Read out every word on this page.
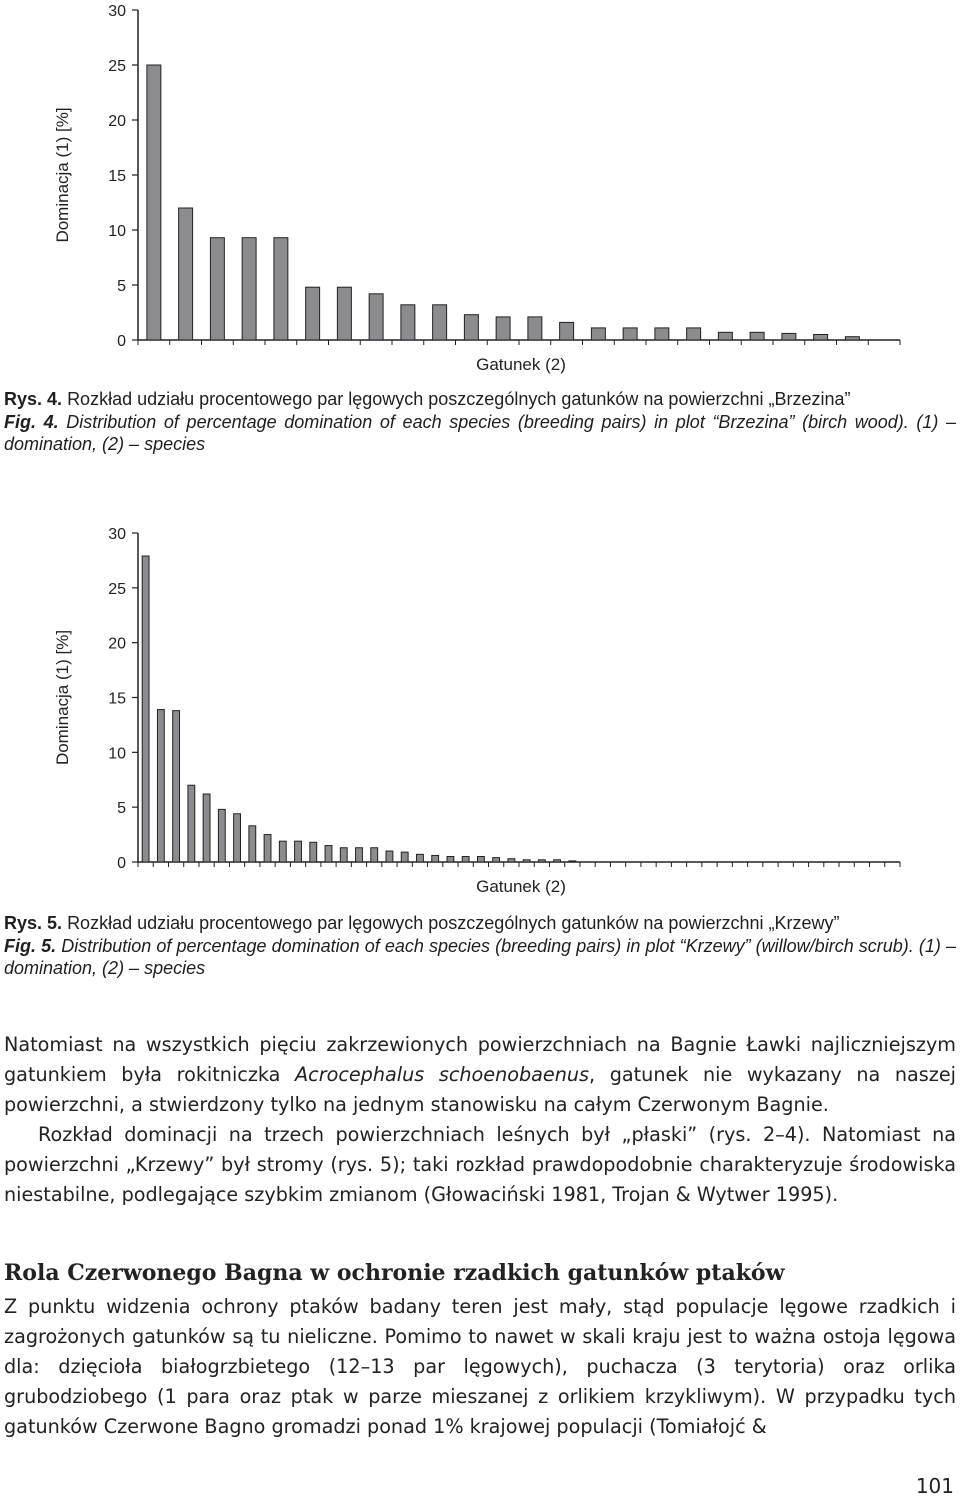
0
5
10
15
20
25
30
Dominacja (1) [%]
Gatunek (2)
Rys. 4. Rozkład udziału procentowego par lęgowych poszczególnych gatunków na powierzchni „Brzezina”
Fig. 4. Distribution of percentage domination of each species (breeding pairs) in plot “Brzezina” (birch wood). (1) – domination, (2) – species
0
5
10
15
20
25
30
Dominacja (1) [%]
Gatunek (2)
Rys. 5. Rozkład udziału procentowego par lęgowych poszczególnych gatunków na powierzchni „Krzewy”
Fig. 5. Distribution of percentage domination of each species (breeding pairs) in plot “Krzewy” (willow/birch scrub). (1) – domination, (2) – species

Natomiast na wszystkich pięciu zakrzewionych powierzchniach na Bagnie Ławki najliczniejszym gatunkiem była rokitniczka Acrocephalus schoenobaenus, gatunek nie wykazany na naszej powierzchni, a stwierdzony tylko na jednym stanowisku na całym Czerwonym Bagnie.

Rozkład dominacji na trzech powierzchniach leśnych był „płaski” (rys. 2–4). Natomiast na powierzchni „Krzewy” był stromy (rys. 5); taki rozkład prawdopodobnie charakteryzuje środowiska niestabilne, podlegające szybkim zmianom (Głowaciński 1981, Trojan & Wytwer 1995).

Rola Czerwonego Bagna w ochronie rzadkich gatunków ptaków

Z punktu widzenia ochrony ptaków badany teren jest mały, stąd populacje lęgowe rzadkich i zagrożonych gatunków są tu nieliczne. Pomimo to nawet w skali kraju jest to ważna ostoja lęgowa dla: dzięcioła białogrzbietego (12–13 par lęgowych), puchacza (3 terytoria) oraz orlika grubodziobego (1 para oraz ptak w parze mieszanej z orlikiem krzykliwym). W przypadku tych gatunków Czerwone Bagno gromadzi ponad 1% krajowej populacji (Tomiałojć &

101
